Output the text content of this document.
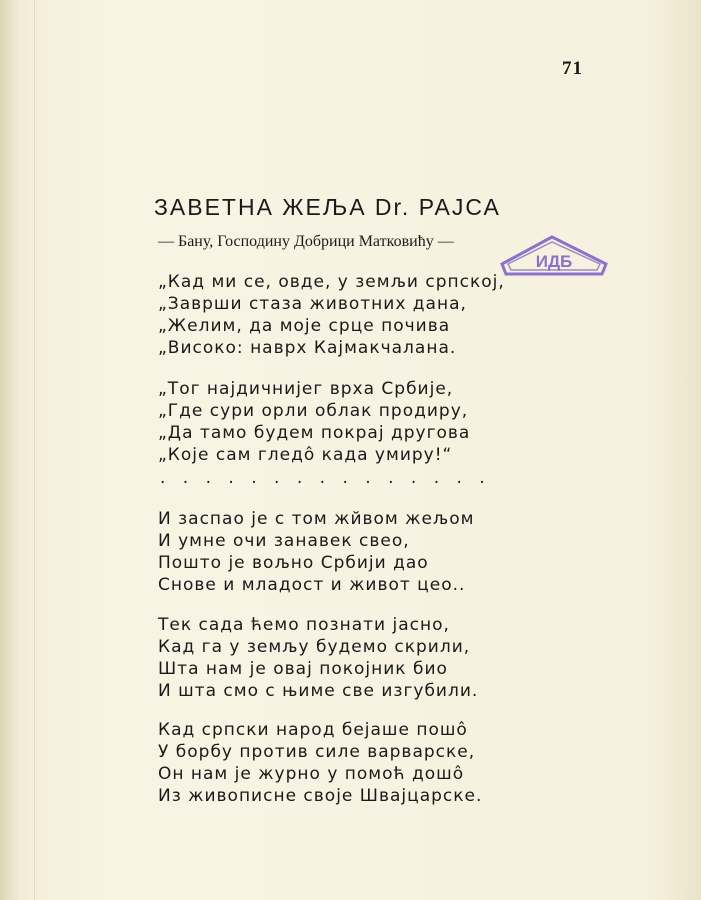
71
ЗАВЕТНА ЖЕЉА Dr. РАЈСА
— Бану, Господину Добрици Матковићу —
ИДБ
„Кад ми се, овде, у земљи српској,
„Заврши стаза животних дана,
„Желим, да моје срце почива
„Високо: наврх Кајмакчалана.
„Тог најдичнијег врха Србије,
„Где сури орли облак продиру,
„Да тамо будем покрај другова
„Које сам гледô када умиру!“
. . . . . . . . . . . . . . .
И заспао је с том жйвом жељом
И умне очи занавек свео,
Пошто је вољно Србији дао
Снове и младост и живот цео..
Тек сада ћемо познати јасно,
Кад га у земљу будемо скрили,
Шта нам је овај покојник био
И шта смо с њиме све изгубили.
Кад српски народ бејаше пошô
У борбу против силе варварске,
Он нам је журно у помоћ дошô
Из живописне своје Швајцарске.
